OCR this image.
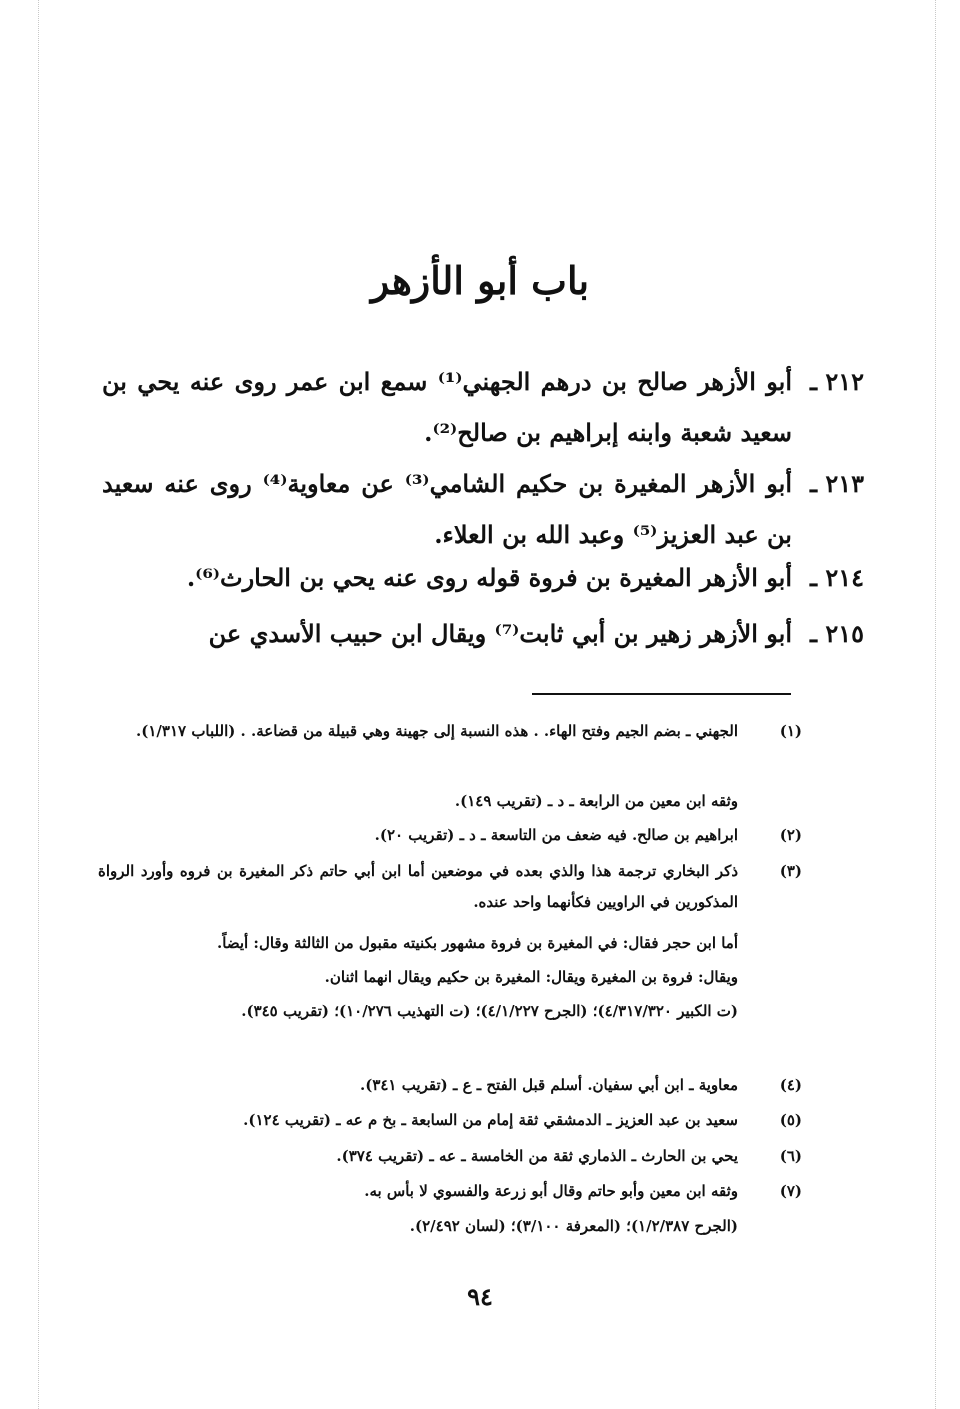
باب أبو الأزهر
٢١٢ ـ
أبو الأزهر صالح بن درهم الجهني⁽¹⁾ سمع ابن عمر روى عنه يحي بن سعيد شعبة وابنه إبراهيم بن صالح⁽²⁾.
٢١٣ ـ
أبو الأزهر المغيرة بن حكيم الشامي⁽³⁾ عن معاوية⁽⁴⁾ روى عنه سعيد بن عبد العزيز⁽⁵⁾ وعبد الله بن العلاء.
٢١٤ ـ
أبو الأزهر المغيرة بن فروة قوله روى عنه يحي بن الحارث⁽⁶⁾.
٢١٥ ـ
أبو الأزهر زهير بن أبي ثابت⁽⁷⁾ ويقال ابن حبيب الأسدي عن
(١)
الجهني ـ بضم الجيم وفتح الهاء. . هذه النسبة إلى جهينة وهي قبيلة من قضاعة. . (اللباب ١/٣١٧).
وثقه ابن معين من الرابعة ـ د ـ (تقريب ١٤٩).
(٢)
ابراهيم بن صالح. فيه ضعف من التاسعة ـ د ـ (تقريب ٢٠).
(٣)
ذكر البخاري ترجمة هذا والذي بعده في موضعين أما ابن أبي حاتم ذكر المغيرة بن فروه وأورد الرواة المذكورين في الراويين فكأنهما واحد عنده.
أما ابن حجر فقال: في المغيرة بن فروة مشهور بكنيته مقبول من الثالثة وقال: أيضاً.
ويقال: فروة بن المغيرة ويقال: المغيرة بن حكيم ويقال انهما اثنان.
(ت الكبير ٤/٣١٧/٣٢٠)؛ (الجرح ٤/١/٢٢٧)؛ (ت التهذيب ١٠/٢٧٦)؛ (تقريب ٣٤٥).
(٤)
معاوية ـ ابن أبي سفيان. أسلم قبل الفتح ـ ع ـ (تقريب ٣٤١).
(٥)
سعيد بن عبد العزيز ـ الدمشقي ثقة إمام من السابعة ـ بخ م عه ـ (تقريب ١٢٤).
(٦)
يحي بن الحارث ـ الذماري ثقة من الخامسة ـ عه ـ (تقريب ٣٧٤).
(٧)
وثقه ابن معين وأبو حاتم وقال أبو زرعة والفسوي لا بأس به.
(الجرح ١/٢/٣٨٧)؛ (المعرفة ٣/١٠٠)؛ (لسان ٢/٤٩٢).
٩٤
